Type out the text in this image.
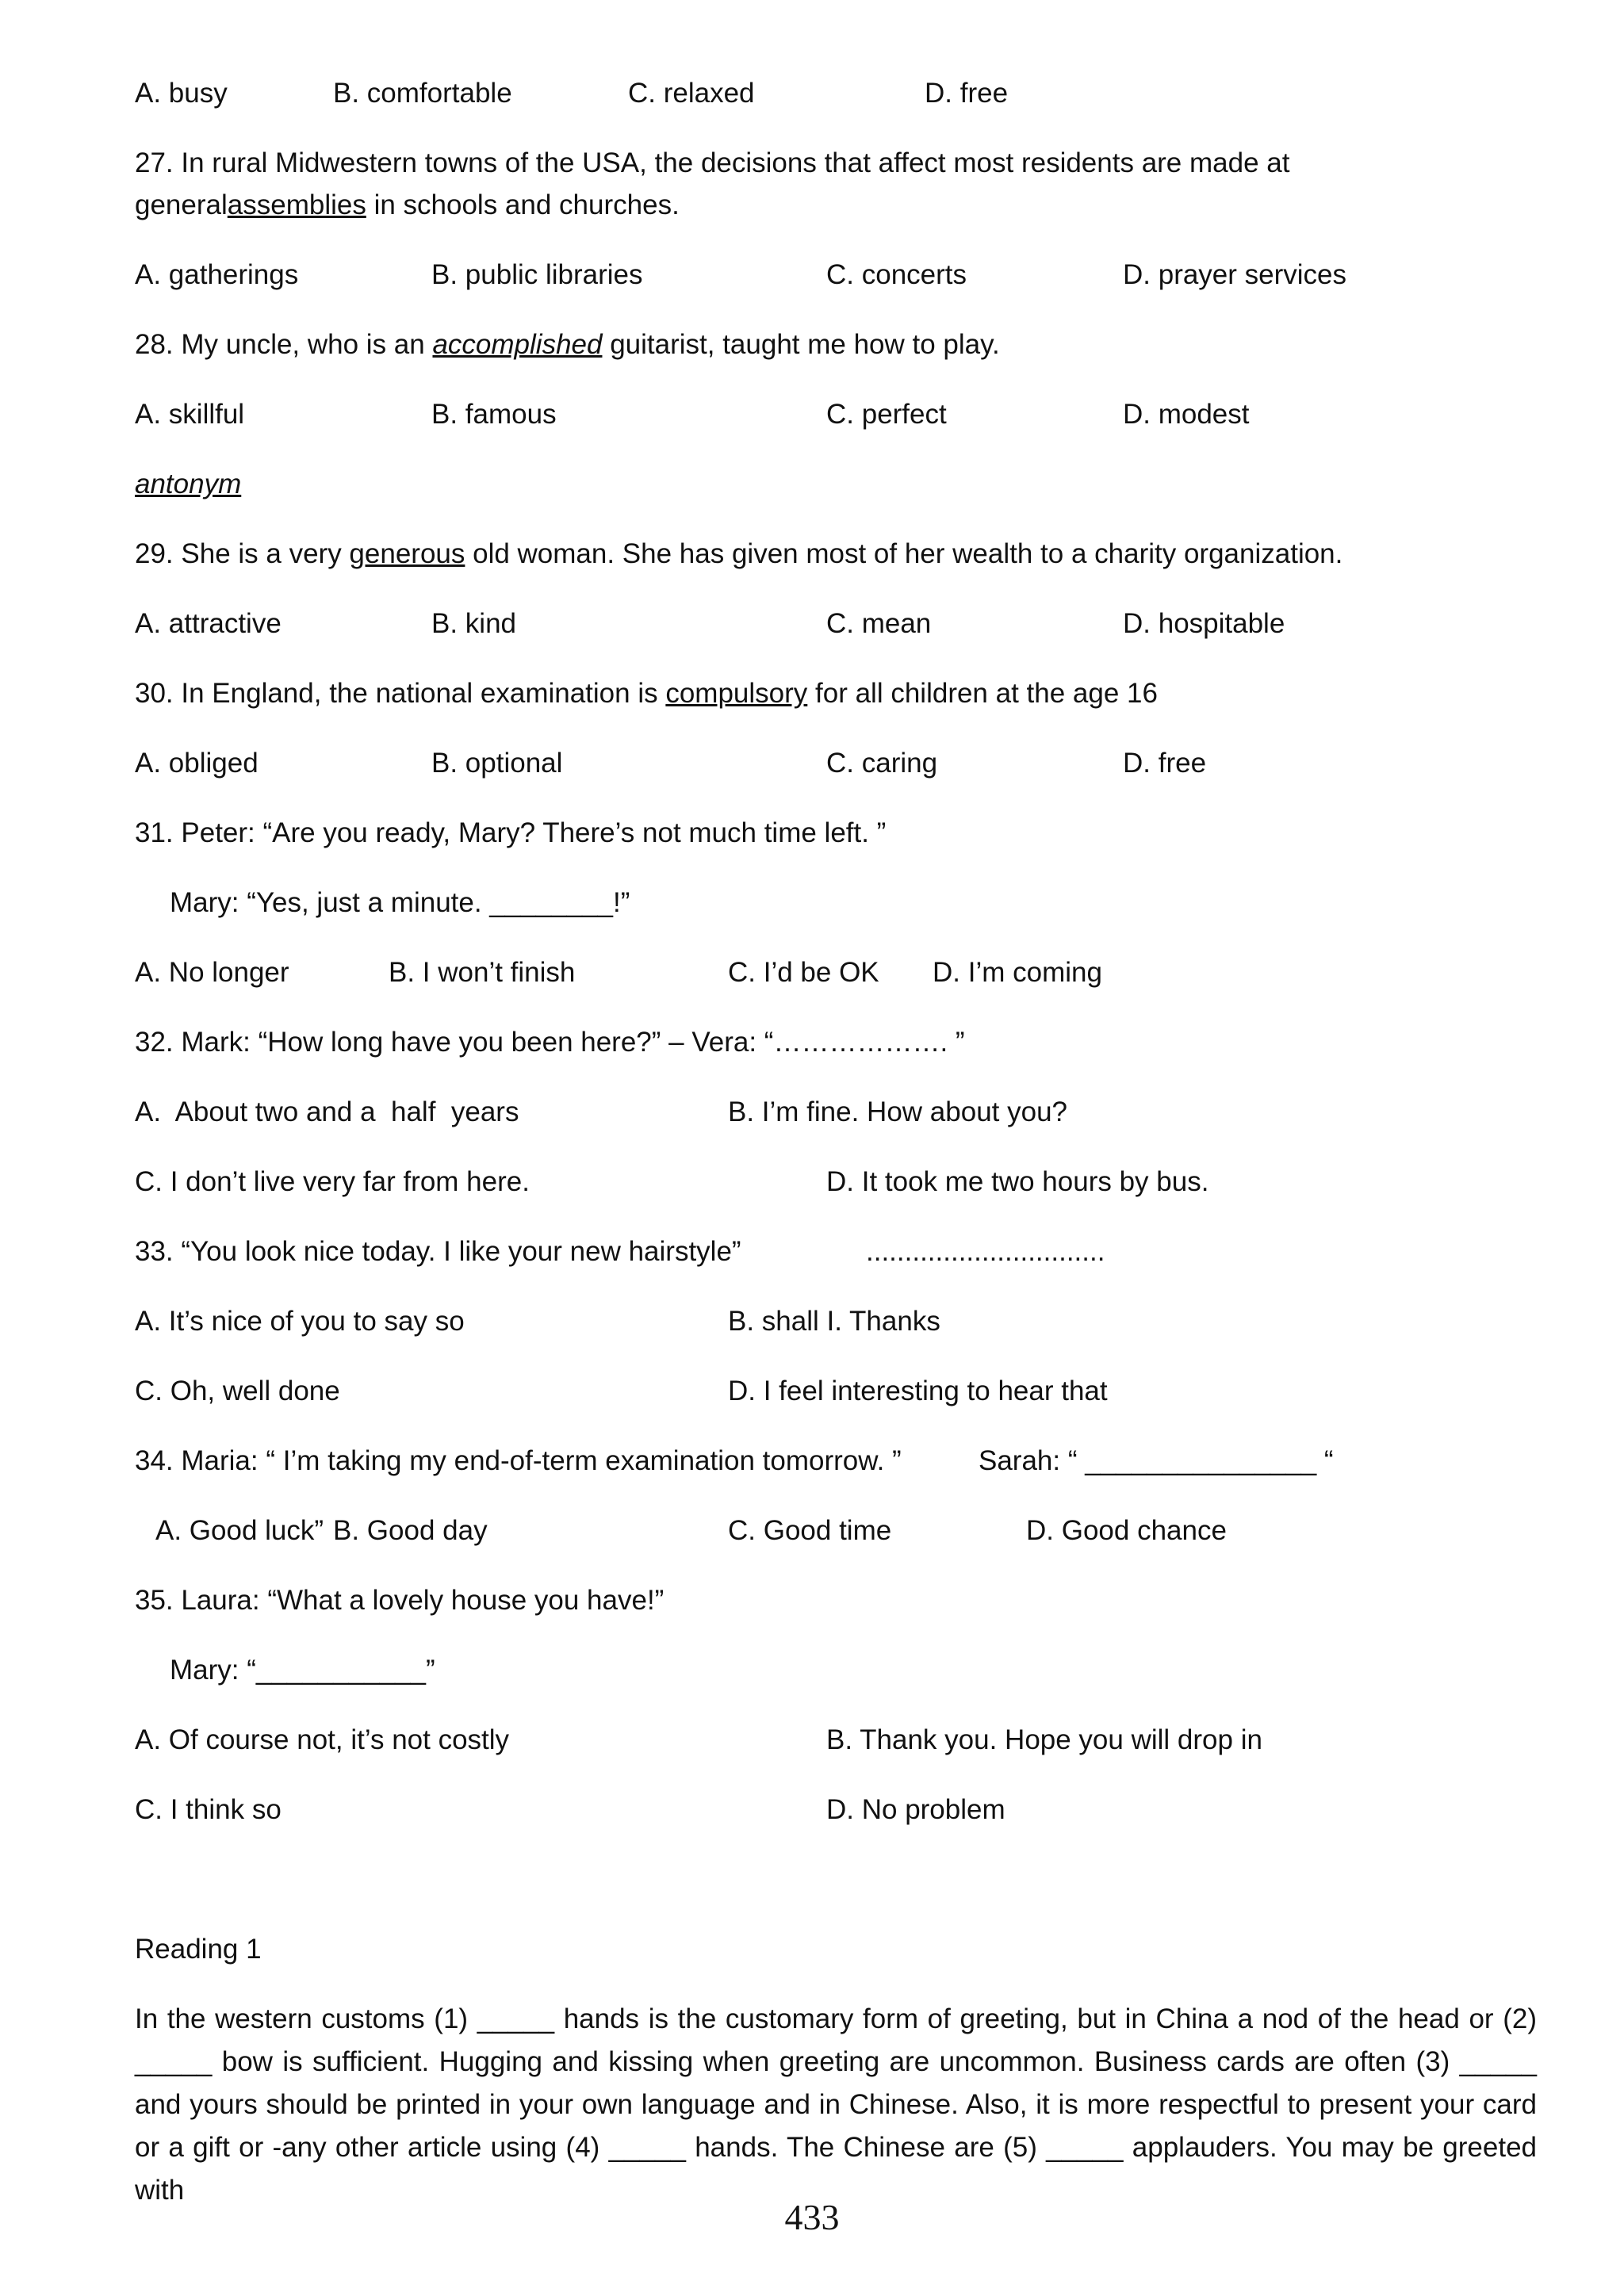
A. busy	B. comfortable	C. relaxed	D. free
27. In rural Midwestern towns of the USA, the decisions that affect most residents are made at
generalassemblies in schools and churches.
A. gatherings	B. public libraries	C. concerts	D. prayer services
28. My uncle, who is an accomplished guitarist, taught me how to play.
A. skillful	B. famous	C. perfect	D. modest
antonym
29. She is a very generous old woman. She has given most of her wealth to a charity organization.
A. attractive	B. kind	C. mean	D. hospitable
30. In England, the national examination is compulsory for all children at the age 16
A. obliged	B. optional	C. caring	D. free
31. Peter: “Are you ready, Mary? There’s not much time left. ”
Mary: “Yes, just a minute. ________!”
A. No longer	B. I won’t finish	C. I’d be OK D. I’m coming
32. Mark: “How long have you been here?” – Vera: “………………. ”
A.  About two and a  half  years	B. I’m fine. How about you?
C. I don’t live very far from here.	D. It took me two hours by bus.
33. “You look nice today. I like your new hairstyle”	...............................
A. It’s nice of you to say so	B. shall I. Thanks
C. Oh, well done	D. I feel interesting to hear that
34. Maria: “ I’m taking my end-of-term examination tomorrow. ”	Sarah: “ _______________ “
A. Good luck” B. Good day	C. Good time	D. Good chance
35. Laura: “What a lovely house you have!”
Mary: “___________”
A. Of course not, it’s not costly	B. Thank you. Hope you will drop in
C. I think so	D. No problem
Reading 1
In the western customs (1) _____ hands is the customary form of greeting, but in China a nod of the head or (2) _____ bow is sufficient. Hugging and kissing when greeting are uncommon. Business cards are often (3) _____ and yours should be printed in your own language and in Chinese. Also, it is more respectful to present your card or a gift or -any other article using (4) _____ hands. The Chinese are (5) _____ applauders. You may be greeted with
433
